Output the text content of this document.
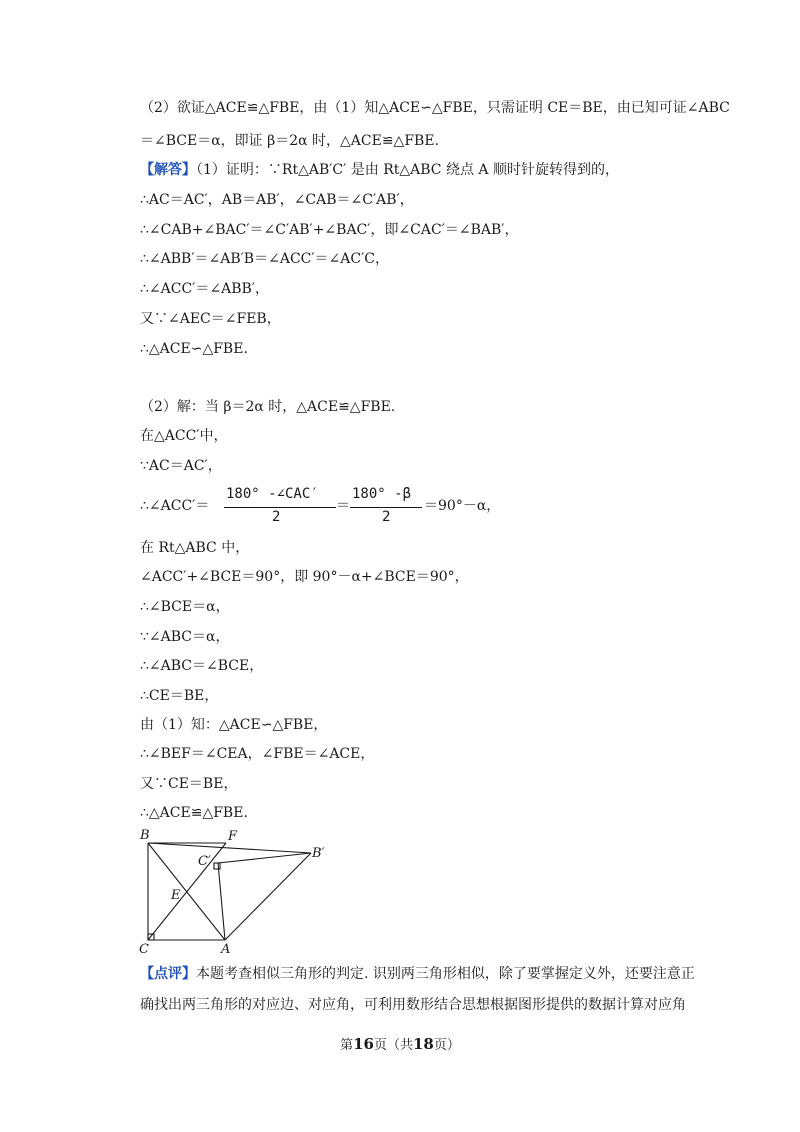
（2）欲证△ACE≌△FBE，由（1）知△ACE∽△FBE，只需证明 CE＝BE，由已知可证∠ABC
＝∠BCE＝α，即证 β＝2α 时，△ACE≌△FBE.
【解答】（1）证明：∵Rt△AB′C′ 是由 Rt△ABC 绕点 A 顺时针旋转得到的，
∴AC＝AC′，AB＝AB′，∠CAB＝∠C′AB′，
∴∠CAB+∠BAC′＝∠C′AB′+∠BAC′，即∠CAC′＝∠BAB′，
∴∠ABB′＝∠AB′B＝∠ACC′＝∠AC′C，
∴∠ACC′＝∠ABB′，
又∵∠AEC＝∠FEB，
∴△ACE∽△FBE.
（2）解：当 β＝2α 时，△ACE≌△FBE.
在△ACC′中，
∵AC＝AC′，
∴∠ACC′＝
180° -∠CAC′
2
＝
180° -β
2
＝90°－α，
在 Rt△ABC 中，
∠ACC′+∠BCE＝90°，即 90°－α+∠BCE＝90°，
∴∠BCE＝α，
∵∠ABC＝α，
∴∠ABC＝∠BCE，
∴CE＝BE，
由（1）知：△ACE∽△FBE，
∴∠BEF＝∠CEA，∠FBE＝∠ACE，
又∵CE＝BE，
∴△ACE≌△FBE.
B	F
C′
B′
E
C	A
【点评】本题考查相似三角形的判定. 识别两三角形相似，除了要掌握定义外，还要注意正
确找出两三角形的对应边、对应角，可利用数形结合思想根据图形提供的数据计算对应角
第16页（共18页）
